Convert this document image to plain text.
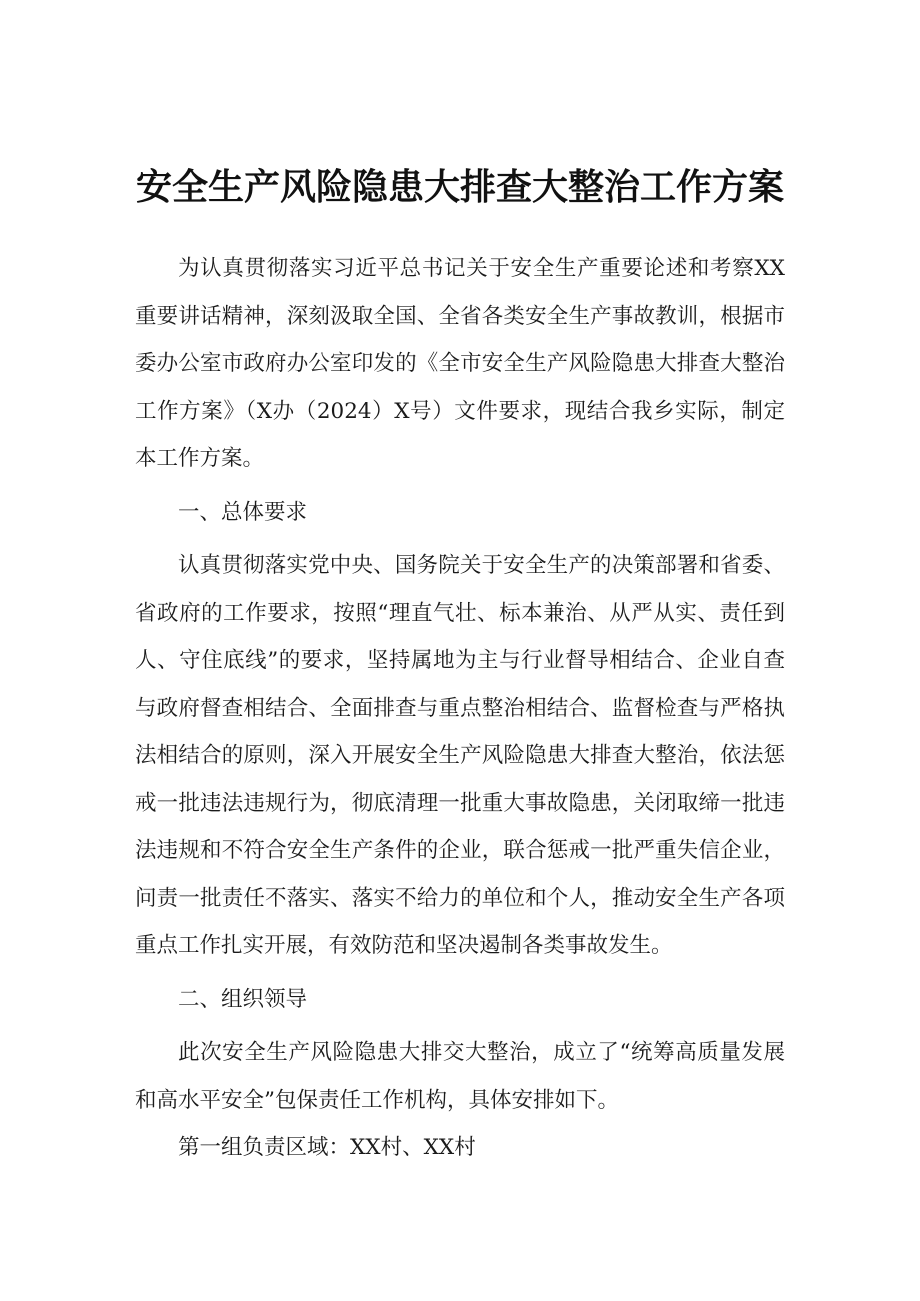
安全生产风险隐患大排查大整治工作方案

为认真贯彻落实习近平总书记关于安全生产重要论述和考察XX重要讲话精神，深刻汲取全国、全省各类安全生产事故教训，根据市委办公室市政府办公室印发的《全市安全生产风险隐患大排查大整治工作方案》（X办（2024）X号）文件要求，现结合我乡实际，制定本工作方案。

一、总体要求

认真贯彻落实党中央、国务院关于安全生产的决策部署和省委、省政府的工作要求，按照“理直气壮、标本兼治、从严从实、责任到人、守住底线”的要求，坚持属地为主与行业督导相结合、企业自查与政府督查相结合、全面排查与重点整治相结合、监督检查与严格执法相结合的原则，深入开展安全生产风险隐患大排查大整治，依法惩戒一批违法违规行为，彻底清理一批重大事故隐患，关闭取缔一批违法违规和不符合安全生产条件的企业，联合惩戒一批严重失信企业，问责一批责任不落实、落实不给力的单位和个人，推动安全生产各项重点工作扎实开展，有效防范和坚决遏制各类事故发生。

二、组织领导

此次安全生产风险隐患大排交大整治，成立了“统筹高质量发展和高水平安全”包保责任工作机构，具体安排如下。

第一组负责区域：XX村、XX村
